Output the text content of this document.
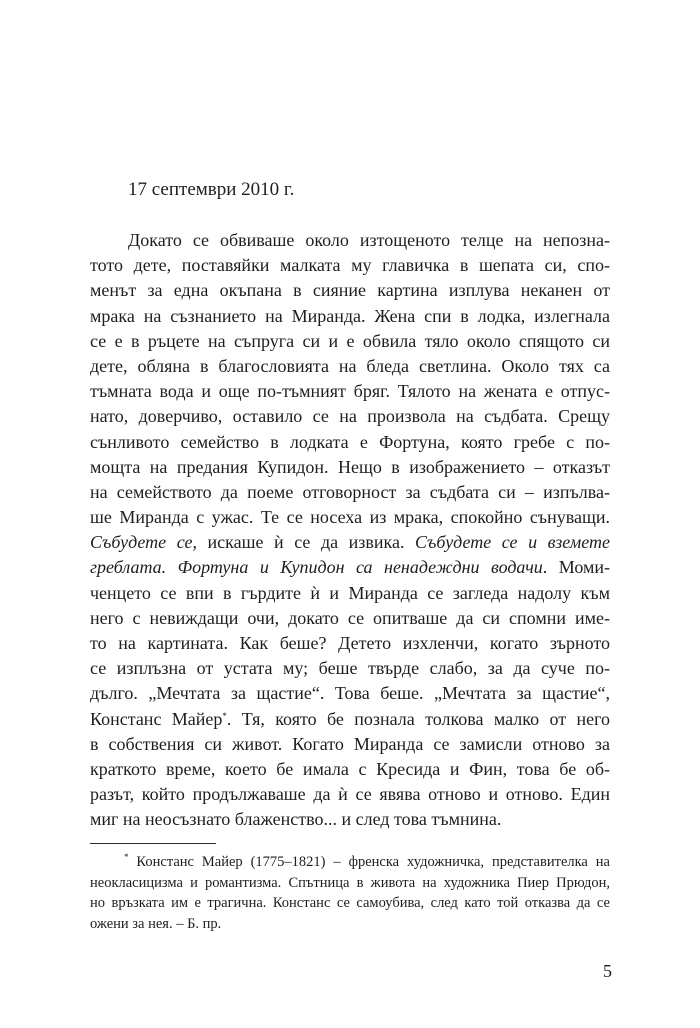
17 септември 2010 г.
Докато се обвиваше около изтощеното телце на непозна-
тото дете, поставяйки малката му главичка в шепата си, спо-
менът за една окъпана в сияние картина изплува неканен от
мрака на съзнанието на Миранда. Жена спи в лодка, излегнала
се е в ръцете на съпруга си и е обвила тяло около спящото си
дете, обляна в благословията на бледа светлина. Около тях са
тъмната вода и още по-тъмният бряг. Тялото на жената е отпус-
нато, доверчиво, оставило се на произвола на съдбата. Срещу
сънливото семейство в лодката е Фортуна, която гребе с по-
мощта на предания Купидон. Нещо в изображението – отказът
на семейството да поеме отговорност за съдбата си – изпълва-
ше Миранда с ужас. Те се носеха из мрака, спокойно сънуващи.
Събудете се, искаше ѝ се да извика. Събудете се и вземете
греблата. Фортуна и Купидон са ненадеждни водачи. Моми-
ченцето се впи в гърдите ѝ и Миранда се загледа надолу към
него с невиждащи очи, докато се опитваше да си спомни име-
то на картината. Как беше? Детето изхленчи, когато зърното
се изплъзна от устата му; беше твърде слабо, за да суче по-
дълго. „Мечтата за щастие“. Това беше. „Мечтата за щастие“,
Констанс Майер*. Тя, която бе познала толкова малко от него
в собствения си живот. Когато Миранда се замисли отново за
краткото време, което бе имала с Кресида и Фин, това бе об-
разът, който продължаваше да ѝ се явява отново и отново. Един
миг на неосъзнато блаженство... и след това тъмнина.
* Констанс Майер (1775–1821) – френска художничка, представителка на
неокласицизма и романтизма. Спътница в живота на художника Пиер Прюдон,
но връзката им е трагична. Констанс се самоубива, след като той отказва да се
ожени за нея. – Б. пр.
5
